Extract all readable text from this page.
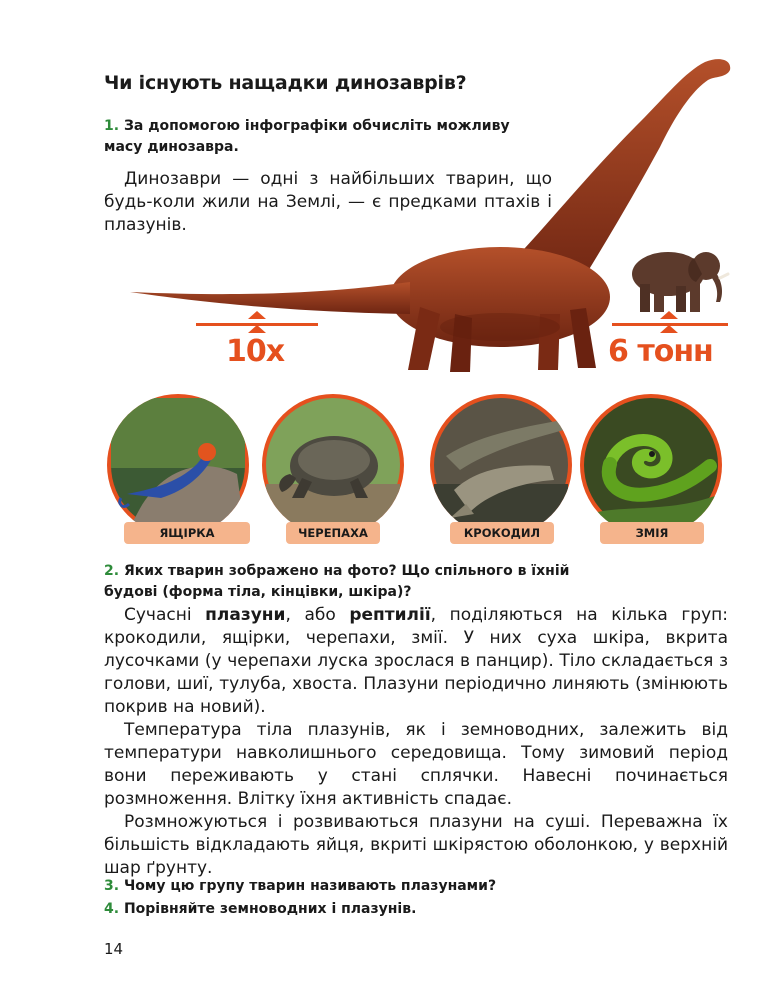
Чи існують нащадки динозаврів?
1. За допомогою інфографіки обчисліть можливу масу динозавра.
Динозаври — одні з найбільших тварин, що будь-коли жили на Землі, — є предками птахів і плазунів.
10х	6 тонн
ЯЩІРКА	ЧЕРЕПАХА	КРОКОДИЛ	ЗМІЯ
2. Яких тварин зображено на фото? Що спільного в їхній будові (форма тіла, кінцівки, шкіра)?

Сучасні плазуни, або рептилії, поділяються на кілька груп: крокодили, ящірки, черепахи, змії. У них суха шкіра, вкрита лусочками (у черепахи луска зрослася в панцир). Тіло складається з голови, шиї, тулуба, хвоста. Плазуни періодично линяють (змінюють покрив на новий).

Температура тіла плазунів, як і земноводних, залежить від температури навколишнього середовища. Тому зимовий період вони переживають у стані сплячки. Навесні починається розмноження. Влітку їхня активність спадає.

Розмножуються і розвиваються плазуни на суші. Переважна їх більшість відкладають яйця, вкриті шкірястою оболонкою, у верхній шар ґрунту.

3. Чому цю групу тварин називають плазунами?
4. Порівняйте земноводних і плазунів.
14
